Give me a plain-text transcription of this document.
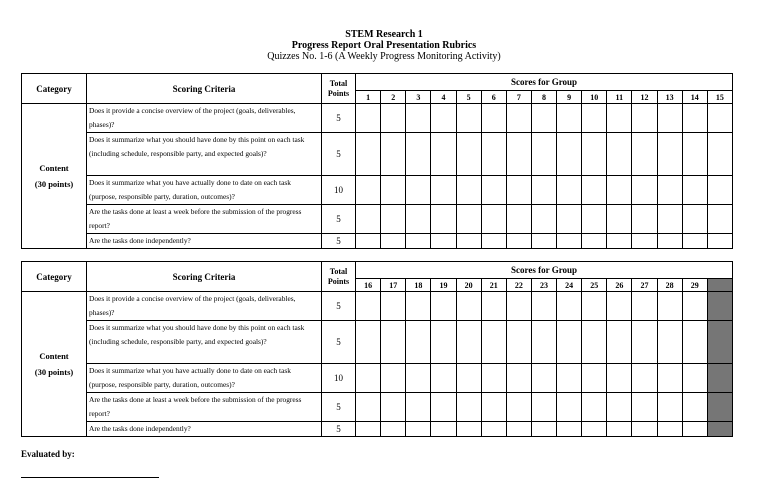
STEM Research 1
Progress Report Oral Presentation Rubrics
Quizzes No. 1-6 (A Weekly Progress Monitoring Activity)
Category	Scoring Criteria	Total Points	Scores for Group														
			1	2	3	4	5	6	7	8	9	10	11	12	13	14	15

Content
(30 points)	Does it provide a concise overview of the project (goals, deliverables, phases)?	5															
	Does it summarize what you should have done by this point on each task (including schedule, responsible party, and expected goals)?	5															
	Does it summarize what you have actually done to date on each task (purpose, responsible party, duration, outcomes)?	10															
	Are the tasks done at least a week before the submission of the progress report?	5															
	Are the tasks done independently?	5															
Category	Scoring Criteria	Total Points	Scores for Group														
			16	17	18	19	20	21	22	23	24	25	26	27	28	29	

Content
(30 points)	Does it provide a concise overview of the project (goals, deliverables, phases)?	5															
	Does it summarize what you should have done by this point on each task (including schedule, responsible party, and expected goals)?	5															
	Does it summarize what you have actually done to date on each task (purpose, responsible party, duration, outcomes)?	10															
	Are the tasks done at least a week before the submission of the progress report?	5															
	Are the tasks done independently?	5															
Evaluated by:
